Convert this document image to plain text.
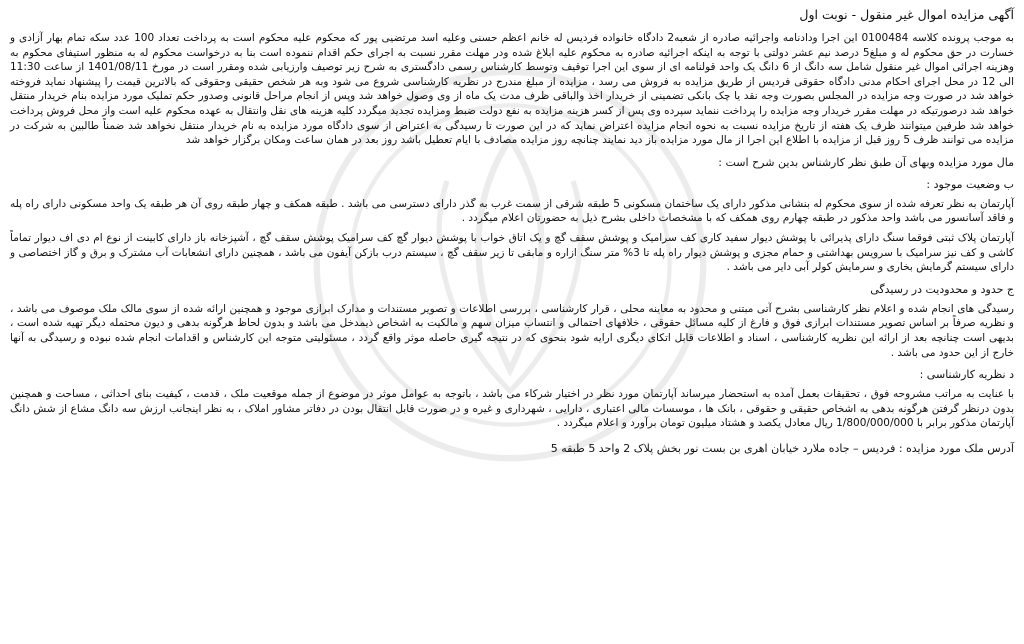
آگهی مزایده اموال غیر منقول - نوبت اول

به موجب پرونده کلاسه 0100484 این اجرا ودادنامه واجرائیه صادره از شعبه2 دادگاه خانواده فردیس له خانم اعظم حسنی وعلیه اسد مرتضیی پور که محکوم علیه محکوم است به پرداخت تعداد 100 عدد سکه تمام بهار آزادی و خسارت در حق محکوم له و مبلغ5 درصد نیم عشر دولتی با توجه به اینکه اجرائیه صادره به محکوم علیه ابلاغ شده ودر مهلت مقرر نسبت به اجرای حکم اقدام ننموده است بنا به درخواست محکوم له به منظور استیفای محکوم به وهزینه اجرائی اموال غیر منقول شامل سه دانگ از 6 دانگ یک واحد قولنامه ای از سوی این اجرا توقیف وتوسط کارشناس رسمی دادگستری به شرح زیر توصیف وارزیابی شده ومقرر است در مورخ 1401/08/11 از ساعت 11:30 الی 12 در محل اجرای احکام مدنی دادگاه حقوقی فردیس از طریق مزایده به فروش می رسد ، مزایده از مبلغ مندرج در نظریه کارشناسی شروع می شود وبه هر شخص حقیقی وحقوقی که بالاترین قیمت را پیشنهاد نماید فروخته خواهد شد در صورت وجه مزایده در المجلس بصورت وجه نقد یا چک بانکی تضمینی از خریدار اخذ والباقی ظرف مدت یک ماه از وی وصول خواهد شد وپس از انجام مراحل قانونی وصدور حکم تملیک مورد مزایده بنام خریدار منتقل خواهد شد درصورتیکه در مهلت مقرر خریدار وجه مزایده را پرداخت ننماید سپرده وی پس از کسر هزینه مزایده به نفع دولت ضبط ومزایده تجدید میگردد کلیه هزینه های نقل وانتقال به عهده محکوم علیه است واز محل فروش پرداخت خواهد شد طرفین میتوانند ظرف یک هفته از تاریخ مزایده نسبت به نحوه انجام مزایده اعتراض نماید که در این صورت تا رسیدگی به اعتراض از سوی دادگاه مورد مزایده به نام خریدار منتقل نخواهد شد ضمناً طالبین به شرکت در مزایده می توانند ظرف 5 روز قبل از مزایده با اطلاع این اجرا از مال مورد مزایده باز دید نمایند چنانچه روز مزایده مصادف با ایام تعطیل باشد روز بعد در همان ساعت ومکان برگزار خواهد شد

مال مورد مزایده وبهای آن طبق نظر کارشناس بدین شرح است :
ب وضعیت موجود :

آپارتمان به نظر تعرفه شده از سوی محکوم له بنشانی مذکور دارای یک ساختمان مسکونی 5 طبقه شرقی از سمت غرب به گذر دارای دسترسی می باشد . طبقه همکف و چهار طبقه روی آن هر طبقه یک واحد مسکونی دارای راه پله و فاقد آسانسور می باشد واحد مذکور در طبقه چهارم روی همکف که با مشخصات داخلی بشرح ذیل به حضورتان اعلام میگردد .

آپارتمان پلاک ثبتی فوقما سنگ دارای پذیرائی با پوشش دیوار سفید کاری کف سرامیک و پوشش سقف گچ و یک اتاق خواب با پوشش دیوار گچ کف سرامیک پوشش سقف گچ ، آشپزخانه باز دارای کابینت از نوع ام دی اف دیوار تماماً کاشی و کف نیز سرامیک با سرویس بهداشتی و حمام مجزی و پوشش دیوار راه پله تا 3% متر سنگ ازاره و مابقی تا زیر سقف گچ ، سیستم درب بازکن آیفون می باشد ، همچنین دارای انشعابات آب مشترک و برق و گاز اختصاصی و دارای سیستم گرمایش بخاری و سرمایش کولر آبی دایر می باشد .

ج حدود و محدودیت در رسیدگی

رسیدگی های انجام شده و اعلام نظر کارشناسی بشرح آتی مبتنی و محدود به معاینه محلی ، قرار کارشناسی ، بررسی اطلاعات و تصویر مستندات و مدارک ابرازی موجود و همچنین ارائه شده از سوی مالک ملک موصوف می باشد ، و نظریه صرفاً بر اساس تصویر مستندات ابرازی فوق و فارغ از کلیه مسائل حقوقی ، خلافهای احتمالی و انتساب میزان سهم و مالکیت به اشخاص ذیمدخل می باشد و بدون لحاظ هرگونه بدهی و دیون محتمله دیگر تهیه شده است ، بدیهی است چنانچه بعد از ارائه این نظریه کارشناسی ، اسناد و اطلاعات قابل اتکای دیگری ارایه شود بنحوی که در نتیجه گیری حاصله موثر واقع گردد ، مسئولیتی متوجه این کارشناس و اقدامات انجام شده نبوده و رسیدگی به آنها خارج از این حدود می باشد .

د نظریه کارشناسی :

با عنایت به مراتب مشروحه فوق ، تحقیقات بعمل آمده به استحضار میرساند آپارتمان مورد نظر در اختیار شرکاء می باشد ، باتوجه به عوامل موثر در موضوع از جمله موقعیت ملک ، قدمت ، کیفیت بنای احداثی ، مساحت و همچنین بدون درنظر گرفتن هرگونه بدهی به اشخاص حقیقی و حقوقی ، بانک ها ، موسسات مالی اعتباری ، دارایی ، شهرداری و غیره و در صورت قابل انتقال بودن در دفاتر مشاور املاک ، به نظر اینجانب ارزش سه دانگ مشاع از شش دانگ آپارتمان مذکور برابر با 1/800/000/000 ریال معادل یکصد و هشتاد میلیون تومان برآورد و اعلام میگردد .

آدرس ملک مورد مزایده : فردیس – جاده ملارد خیابان اهری بن بست نور بخش پلاک 2 واحد 5 طبقه 5
